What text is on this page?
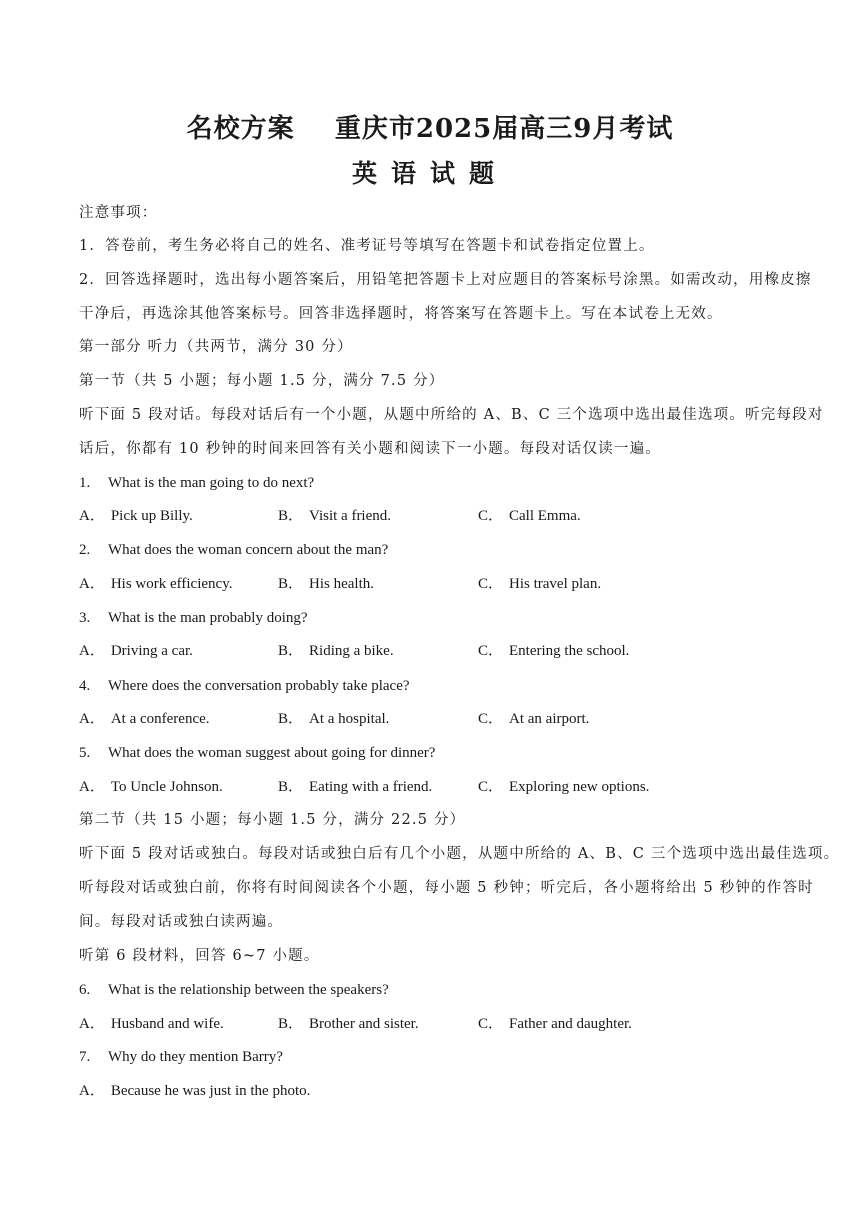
名校方案    重庆市2025届高三9月考试
英语试题
注意事项：
1．答卷前，考生务必将自己的姓名、准考证号等填写在答题卡和试卷指定位置上。
2．回答选择题时，选出每小题答案后，用铅笔把答题卡上对应题目的答案标号涂黑。如需改动，用橡皮擦
干净后，再选涂其他答案标号。回答非选择题时，将答案写在答题卡上。写在本试卷上无效。
第一部分 听力（共两节，满分 30 分）
第一节（共 5 小题；每小题 1.5 分，满分 7.5 分）
听下面 5 段对话。每段对话后有一个小题，从题中所给的 A、B、C 三个选项中选出最佳选项。听完每段对
话后，你都有 10 秒钟的时间来回答有关小题和阅读下一小题。每段对话仅读一遍。
1. What is the man going to do next?
A． Pick up Billy.	B． Visit a friend.	C． Call Emma.
2. What does the woman concern about the man?
A． His work efficiency.	B． His health.	C． His travel plan.
3. What is the man probably doing?
A． Driving a car.	B． Riding a bike.	C． Entering the school.
4. Where does the conversation probably take place?
A． At a conference.	B． At a hospital.	C． At an airport.
5. What does the woman suggest about going for dinner?
A． To Uncle Johnson.	B． Eating with a friend.	C． Exploring new options.
第二节（共 15 小题；每小题 1.5 分，满分 22.5 分）
听下面 5 段对话或独白。每段对话或独白后有几个小题，从题中所给的 A、B、C 三个选项中选出最佳选项。
听每段对话或独白前，你将有时间阅读各个小题，每小题 5 秒钟；听完后，各小题将给出 5 秒钟的作答时
间。每段对话或独白读两遍。
听第 6 段材料，回答 6~7 小题。
6. What is the relationship between the speakers?
A． Husband and wife.	B． Brother and sister.	C． Father and daughter.
7. Why do they mention Barry?
A． Because he was just in the photo.
